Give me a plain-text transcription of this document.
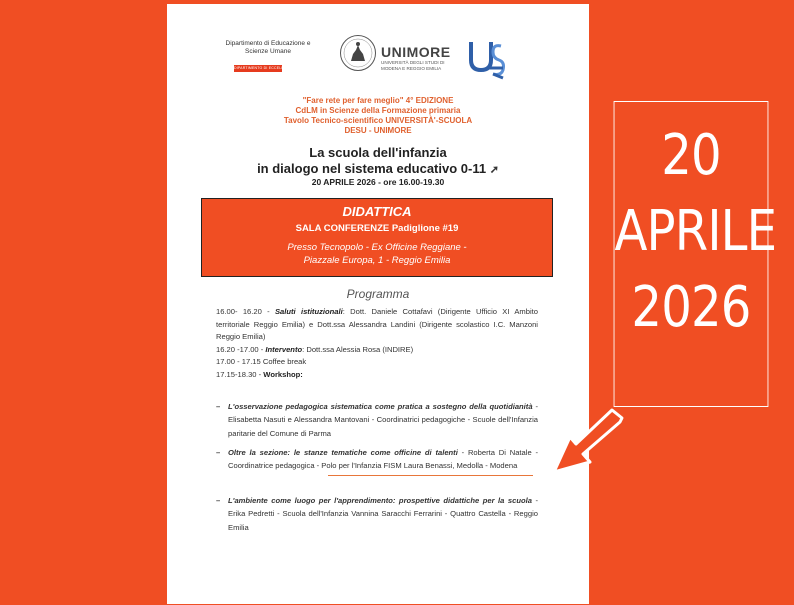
Dipartimento di Educazione e
Scienze Umane
DIPARTIMENTO DI ECCELLENZA
UNIMORE
UNIVERSITÀ DEGLI STUDI DI
MODENA E REGGIO EMILIA
"Fare rete per fare meglio" 4° EDIZIONE
CdLM in Scienze della Formazione primaria
Tavolo Tecnico-scientifico UNIVERSITÀ'-SCUOLA
DESU - UNIMORE
La scuola dell'infanzia
in dialogo nel sistema educativo 0-11 ➚
20 APRILE 2026 - ore 16.00-19.30
DIDATTICA
SALA CONFERENZE Padiglione #19
Presso Tecnopolo - Ex Officine Reggiane -
Piazzale Europa, 1 - Reggio Emilia
Programma

16.00- 16.20 - Saluti istituzionali: Dott. Daniele Cottafavi (Dirigente Ufficio XI Ambito territoriale Reggio Emilia) e Dott.ssa Alessandra Landini (Dirigente scolastico I.C. Manzoni Reggio Emilia)

16.20 -17.00 - Intervento: Dott.ssa Alessia Rosa (INDIRE)

17.00 - 17.15 Coffee break

17.15-18.30 - Workshop:

– L'osservazione pedagogica sistematica come pratica a sostegno della quotidianità - Elisabetta Nasuti e Alessandra Mantovani - Coordinatrici pedagogiche - Scuole dell'Infanzia paritarie del Comune di Parma
– Oltre la sezione: le stanze tematiche come officine di talenti - Roberta Di Natale - Coordinatrice pedagogica - Polo per l'Infanzia FISM Laura Benassi, Medolla - Modena
– L'ambiente come luogo per l'apprendimento: prospettive didattiche per la scuola - Erika Pedretti - Scuola dell'Infanzia Vannina Saracchi Ferrarini - Quattro Castella - Reggio Emilia
20
APRILE
2026
